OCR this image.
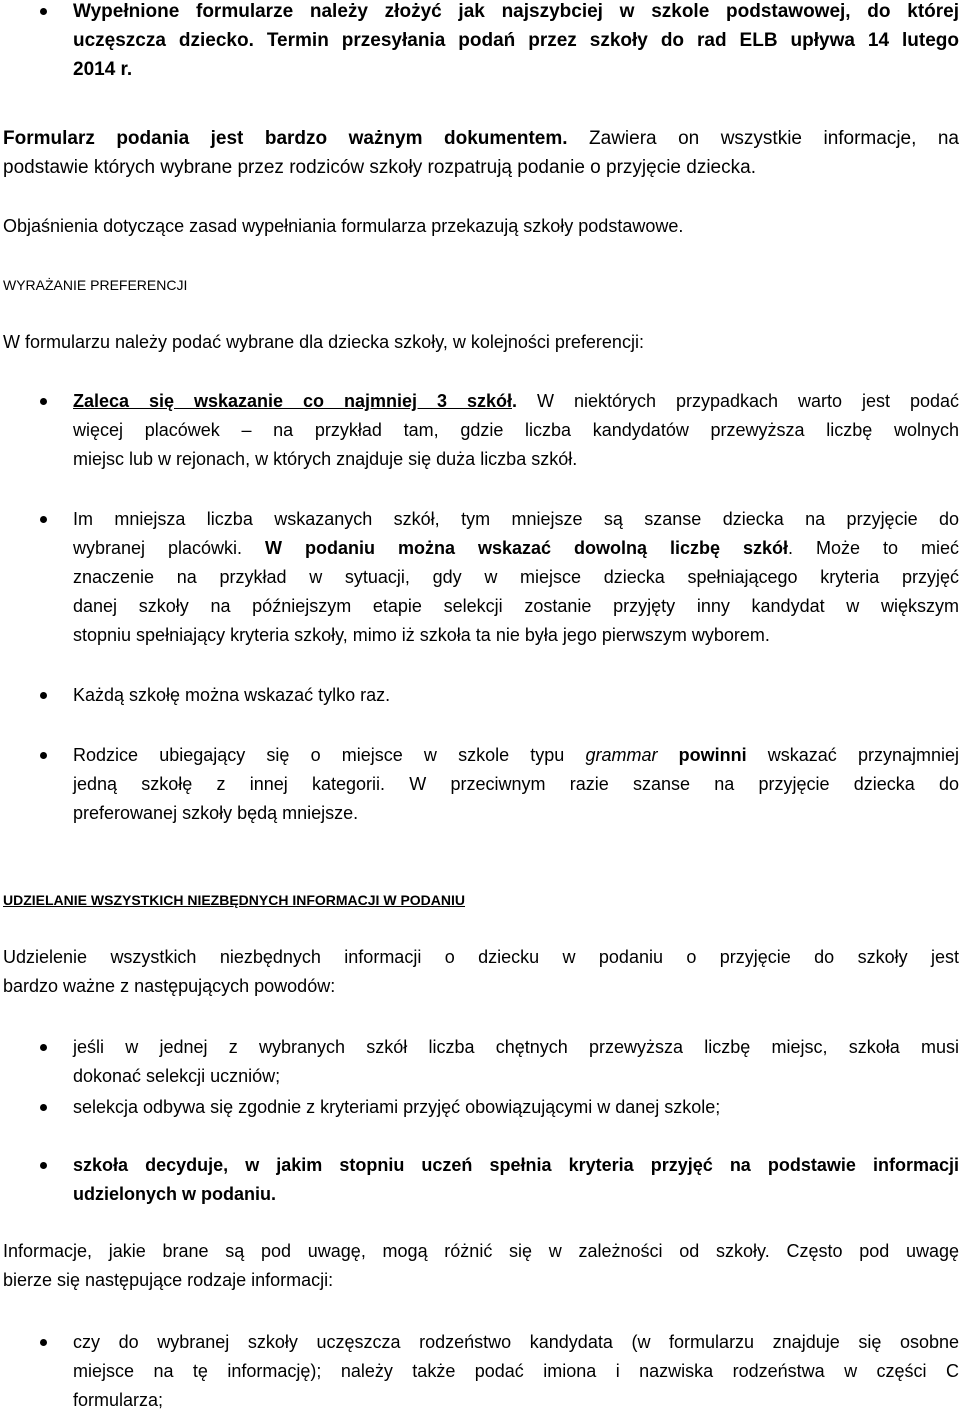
Wypełnione formularze należy złożyć jak najszybciej w szkole podstawowej, do której
uczęszcza dziecko. Termin przesyłania podań przez szkoły do rad ELB upływa 14 lutego
2014 r.
Formularz podania jest bardzo ważnym dokumentem. Zawiera on wszystkie informacje, na
podstawie których wybrane przez rodziców szkoły rozpatrują podanie o przyjęcie dziecka.
Objaśnienia dotyczące zasad wypełniania formularza przekazują szkoły podstawowe.
WYRAŻANIE PREFERENCJI
W formularzu należy podać wybrane dla dziecka szkoły, w kolejności preferencji:
Zaleca się wskazanie co najmniej 3 szkół. W niektórych przypadkach warto jest podać
więcej placówek – na przykład tam, gdzie liczba kandydatów przewyższa liczbę wolnych
miejsc lub w rejonach, w których znajduje się duża liczba szkół.
Im mniejsza liczba wskazanych szkół, tym mniejsze są szanse dziecka na przyjęcie do
wybranej placówki. W podaniu można wskazać dowolną liczbę szkół. Może to mieć
znaczenie na przykład w sytuacji, gdy w miejsce dziecka spełniającego kryteria przyjęć
danej szkoły na późniejszym etapie selekcji zostanie przyjęty inny kandydat w większym
stopniu spełniający kryteria szkoły, mimo iż szkoła ta nie była jego pierwszym wyborem.
Każdą szkołę można wskazać tylko raz.
Rodzice ubiegający się o miejsce w szkole typu grammar powinni wskazać przynajmniej
jedną szkołę z innej kategorii. W przeciwnym razie szanse na przyjęcie dziecka do
preferowanej szkoły będą mniejsze.
UDZIELANIE WSZYSTKICH NIEZBĘDNYCH INFORMACJI W PODANIU
Udzielenie wszystkich niezbędnych informacji o dziecku w podaniu o przyjęcie do szkoły jest
bardzo ważne z następujących powodów:
jeśli w jednej z wybranych szkół liczba chętnych przewyższa liczbę miejsc, szkoła musi
dokonać selekcji uczniów;
selekcja odbywa się zgodnie z kryteriami przyjęć obowiązującymi w danej szkole;
szkoła decyduje, w jakim stopniu uczeń spełnia kryteria przyjęć na podstawie informacji
udzielonych w podaniu.
Informacje, jakie brane są pod uwagę, mogą różnić się w zależności od szkoły. Często pod uwagę
bierze się następujące rodzaje informacji:
czy do wybranej szkoły uczęszcza rodzeństwo kandydata (w formularzu znajduje się osobne
miejsce na tę informację); należy także podać imiona i nazwiska rodzeństwa w części C
formularza;
